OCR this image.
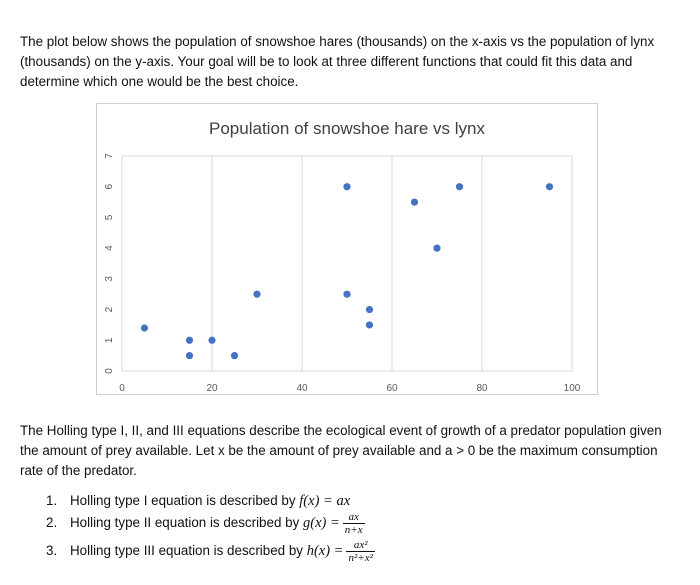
The plot below shows the population of snowshoe hares (thousands) on the x-axis vs the population of lynx (thousands) on the y-axis. Your goal will be to look at three different functions that could fit this data and determine which one would be the best choice.

Population of snowshoe hare vs lynx
0
1
2
3
4
5
6
7
0	20	40	60	80	100

The Holling type I, II, and III equations describe the ecological event of growth of a predator population given the amount of prey available. Let x be the amount of prey available and a > 0 be the maximum consumption rate of the predator.

1. Holling type I equation is described by f(x) = ax
2. Holling type II equation is described by $g(x) = \frac{ax}{n+x}$
3. Holling type III equation is described by $h(x) = \frac{\text{ax²}}{\text{n²+x²}}$
